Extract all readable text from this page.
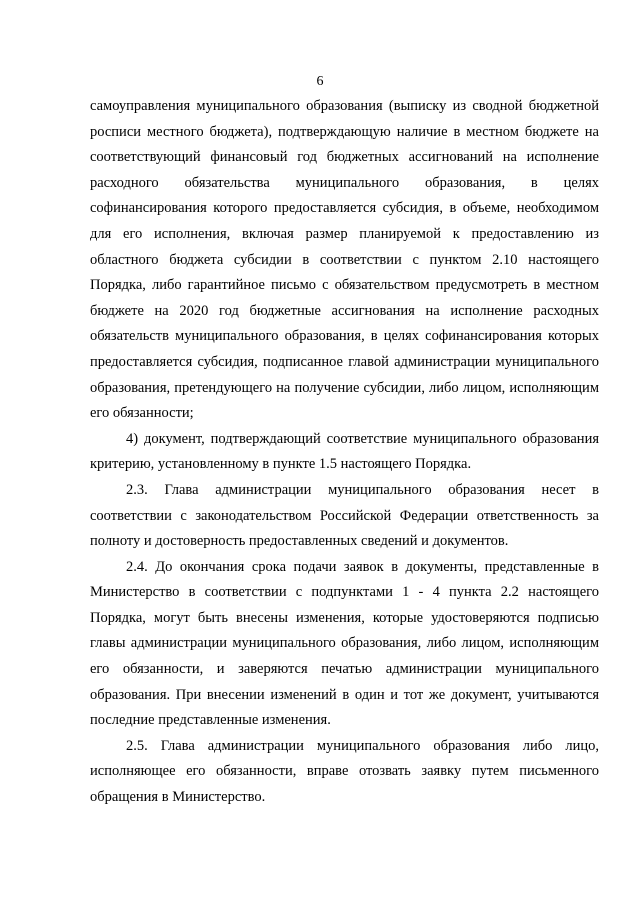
6

самоуправления муниципального образования (выписку из сводной бюджетной росписи местного бюджета), подтверждающую наличие в местном бюджете на соответствующий финансовый год бюджетных ассигнований на исполнение расходного обязательства муниципального образования, в целях софинансирования которого предоставляется субсидия, в объеме, необходимом для его исполнения, включая размер планируемой к предоставлению из областного бюджета субсидии в соответствии с пунктом 2.10 настоящего Порядка, либо гарантийное письмо с обязательством предусмотреть в местном бюджете на 2020 год бюджетные ассигнования на исполнение расходных обязательств муниципального образования, в целях софинансирования которых предоставляется субсидия, подписанное главой администрации муниципального образования, претендующего на получение субсидии, либо лицом, исполняющим его обязанности;

4) документ, подтверждающий соответствие муниципального образования критерию, установленному в пункте 1.5 настоящего Порядка.

2.3. Глава администрации муниципального образования несет в соответствии с законодательством Российской Федерации ответственность за полноту и достоверность предоставленных сведений и документов.

2.4. До окончания срока подачи заявок в документы, представленные в Министерство в соответствии с подпунктами 1 - 4 пункта 2.2 настоящего Порядка, могут быть внесены изменения, которые удостоверяются подписью главы администрации муниципального образования, либо лицом, исполняющим его обязанности, и заверяются печатью администрации муниципального образования. При внесении изменений в один и тот же документ, учитываются последние представленные изменения.

2.5. Глава администрации муниципального образования либо лицо, исполняющее его обязанности, вправе отозвать заявку путем письменного обращения в Министерство.
